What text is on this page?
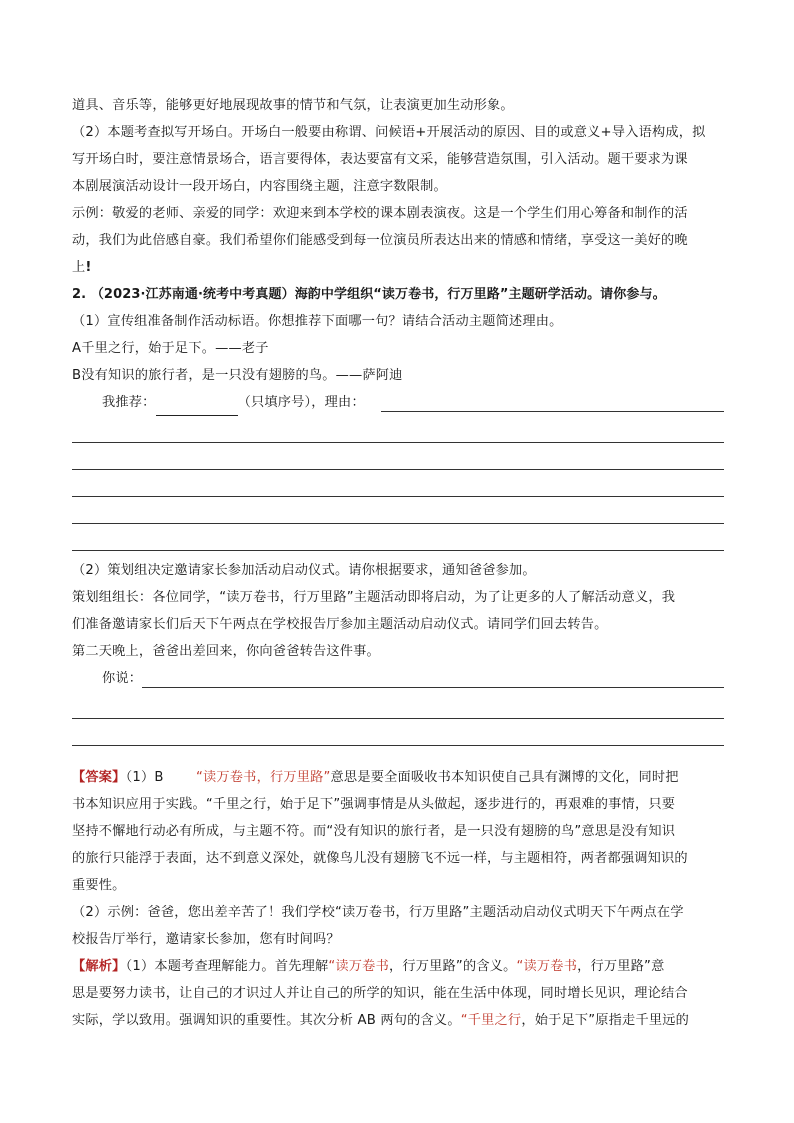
道具、音乐等，能够更好地展现故事的情节和气氛，让表演更加生动形象。
（2）本题考查拟写开场白。开场白一般要由称谓、问候语+开展活动的原因、目的或意义+导入语构成，拟
写开场白时，要注意情景场合，语言要得体，表达要富有文采，能够营造氛围，引入活动。题干要求为课
本剧展演活动设计一段开场白，内容围绕主题，注意字数限制。
示例：敬爱的老师、亲爱的同学：欢迎来到本学校的课本剧表演夜。这是一个学生们用心筹备和制作的活
动，我们为此倍感自豪。我们希望你们能感受到每一位演员所表达出来的情感和情绪，享受这一美好的晚
上!
2. （2023·江苏南通·统考中考真题）海韵中学组织“读万卷书，行万里路”主题研学活动。请你参与。
（1）宣传组准备制作活动标语。你想推荐下面哪一句？请结合活动主题简述理由。
A千里之行，始于足下。——老子
B没有知识的旅行者，是一只没有翅膀的鸟。——萨阿迪
我推荐：	（只填序号），理由：
（2）策划组决定邀请家长参加活动启动仪式。请你根据要求，通知爸爸参加。
策划组组长：各位同学，“读万卷书，行万里路”主题活动即将启动，为了让更多的人了解活动意义，我
们准备邀请家长们后天下午两点在学校报告厅参加主题活动启动仪式。请同学们回去转告。
第二天晚上，爸爸出差回来，你向爸爸转告这件事。
你说：
【答案】（1）B “读万卷书，行万里路”意思是要全面吸收书本知识使自己具有渊博的文化，同时把
书本知识应用于实践。“千里之行，始于足下”强调事情是从头做起，逐步进行的，再艰难的事情，只要
坚持不懈地行动必有所成，与主题不符。而“没有知识的旅行者，是一只没有翅膀的鸟”意思是没有知识
的旅行只能浮于表面，达不到意义深处，就像鸟儿没有翅膀飞不远一样，与主题相符，两者都强调知识的
重要性。
（2）示例：爸爸，您出差辛苦了！我们学校“读万卷书，行万里路”主题活动启动仪式明天下午两点在学
校报告厅举行，邀请家长参加，您有时间吗？
【解析】（1）本题考查理解能力。首先理解“读万卷书，行万里路”的含义。“读万卷书，行万里路”意
思是要努力读书，让自己的才识过人并让自己的所学的知识，能在生活中体现，同时增长见识，理论结合
实际，学以致用。强调知识的重要性。其次分析 AB 两句的含义。“千里之行，始于足下”原指走千里远的
